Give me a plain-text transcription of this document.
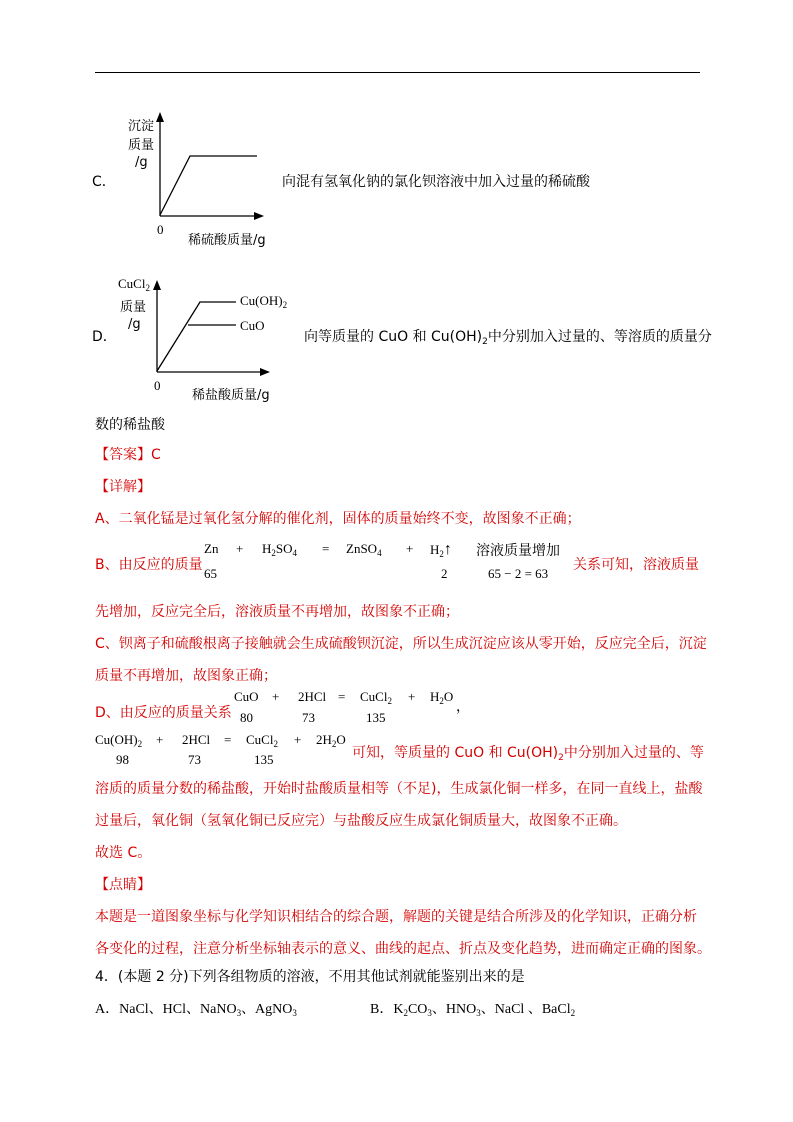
沉淀
质量
/g
C．
0
稀硫酸质量/g
向混有氢氧化钠的氯化钡溶液中加入过量的稀硫酸
CuCl$_2$
质量
/g
$Cu(OH)_2$
CuO
D．
0
稀盐酸质量/g
向等质量的 CuO 和 $Cu(OH)_2$中分别加入过量的、等溶质的质量分
数的稀盐酸
【答案】C
【详解】
A、二氧化锰是过氧化氢分解的催化剂，固体的质量始终不变，故图象不正确；
B、由反应的质量
$Zn + H_2SO_4$ = ZnSO$_4$ + $H_2↑$ 溶液质量增加
65	2	65 − 2 = 63
关系可知，溶液质量
先增加，反应完全后，溶液质量不再增加，故图象不正确；
C、钡离子和硫酸根离子接触就会生成硫酸钡沉淀，所以生成沉淀应该从零开始，反应完全后，沉淀
质量不再增加，故图象正确；
D、由反应的质量关系
CuO + 2HCl = CuCl$_2$ + $H_2O$
，
80	73	135
$Cu(OH)_2 + 2HCl$ = CuCl$_2$ + $2H_2O$
98	73	135	可知，等质量的 CuO 和 $Cu(OH)_2$中分别加入过量的、等
溶质的质量分数的稀盐酸，开始时盐酸质量相等（不足)，生成氯化铜一样多，在同一直线上，盐酸
过量后，氧化铜（氢氧化铜已反应完）与盐酸反应生成氯化铜质量大，故图象不正确。
故选 C。
【点睛】
本题是一道图象坐标与化学知识相结合的综合题，解题的关键是结合所涉及的化学知识，正确分析
各变化的过程，注意分析坐标轴表示的意义、曲线的起点、折点及变化趋势，进而确定正确的图象。
4．(本题 2 分)下列各组物质的溶液，不用其他试剂就能鉴别出来的是
A．NaCl、HCl、NaNO$_3$、AgNO$_3$	B．$K_2CO_3$、$HNO_3$、NaCl 、BaCl$_2$
